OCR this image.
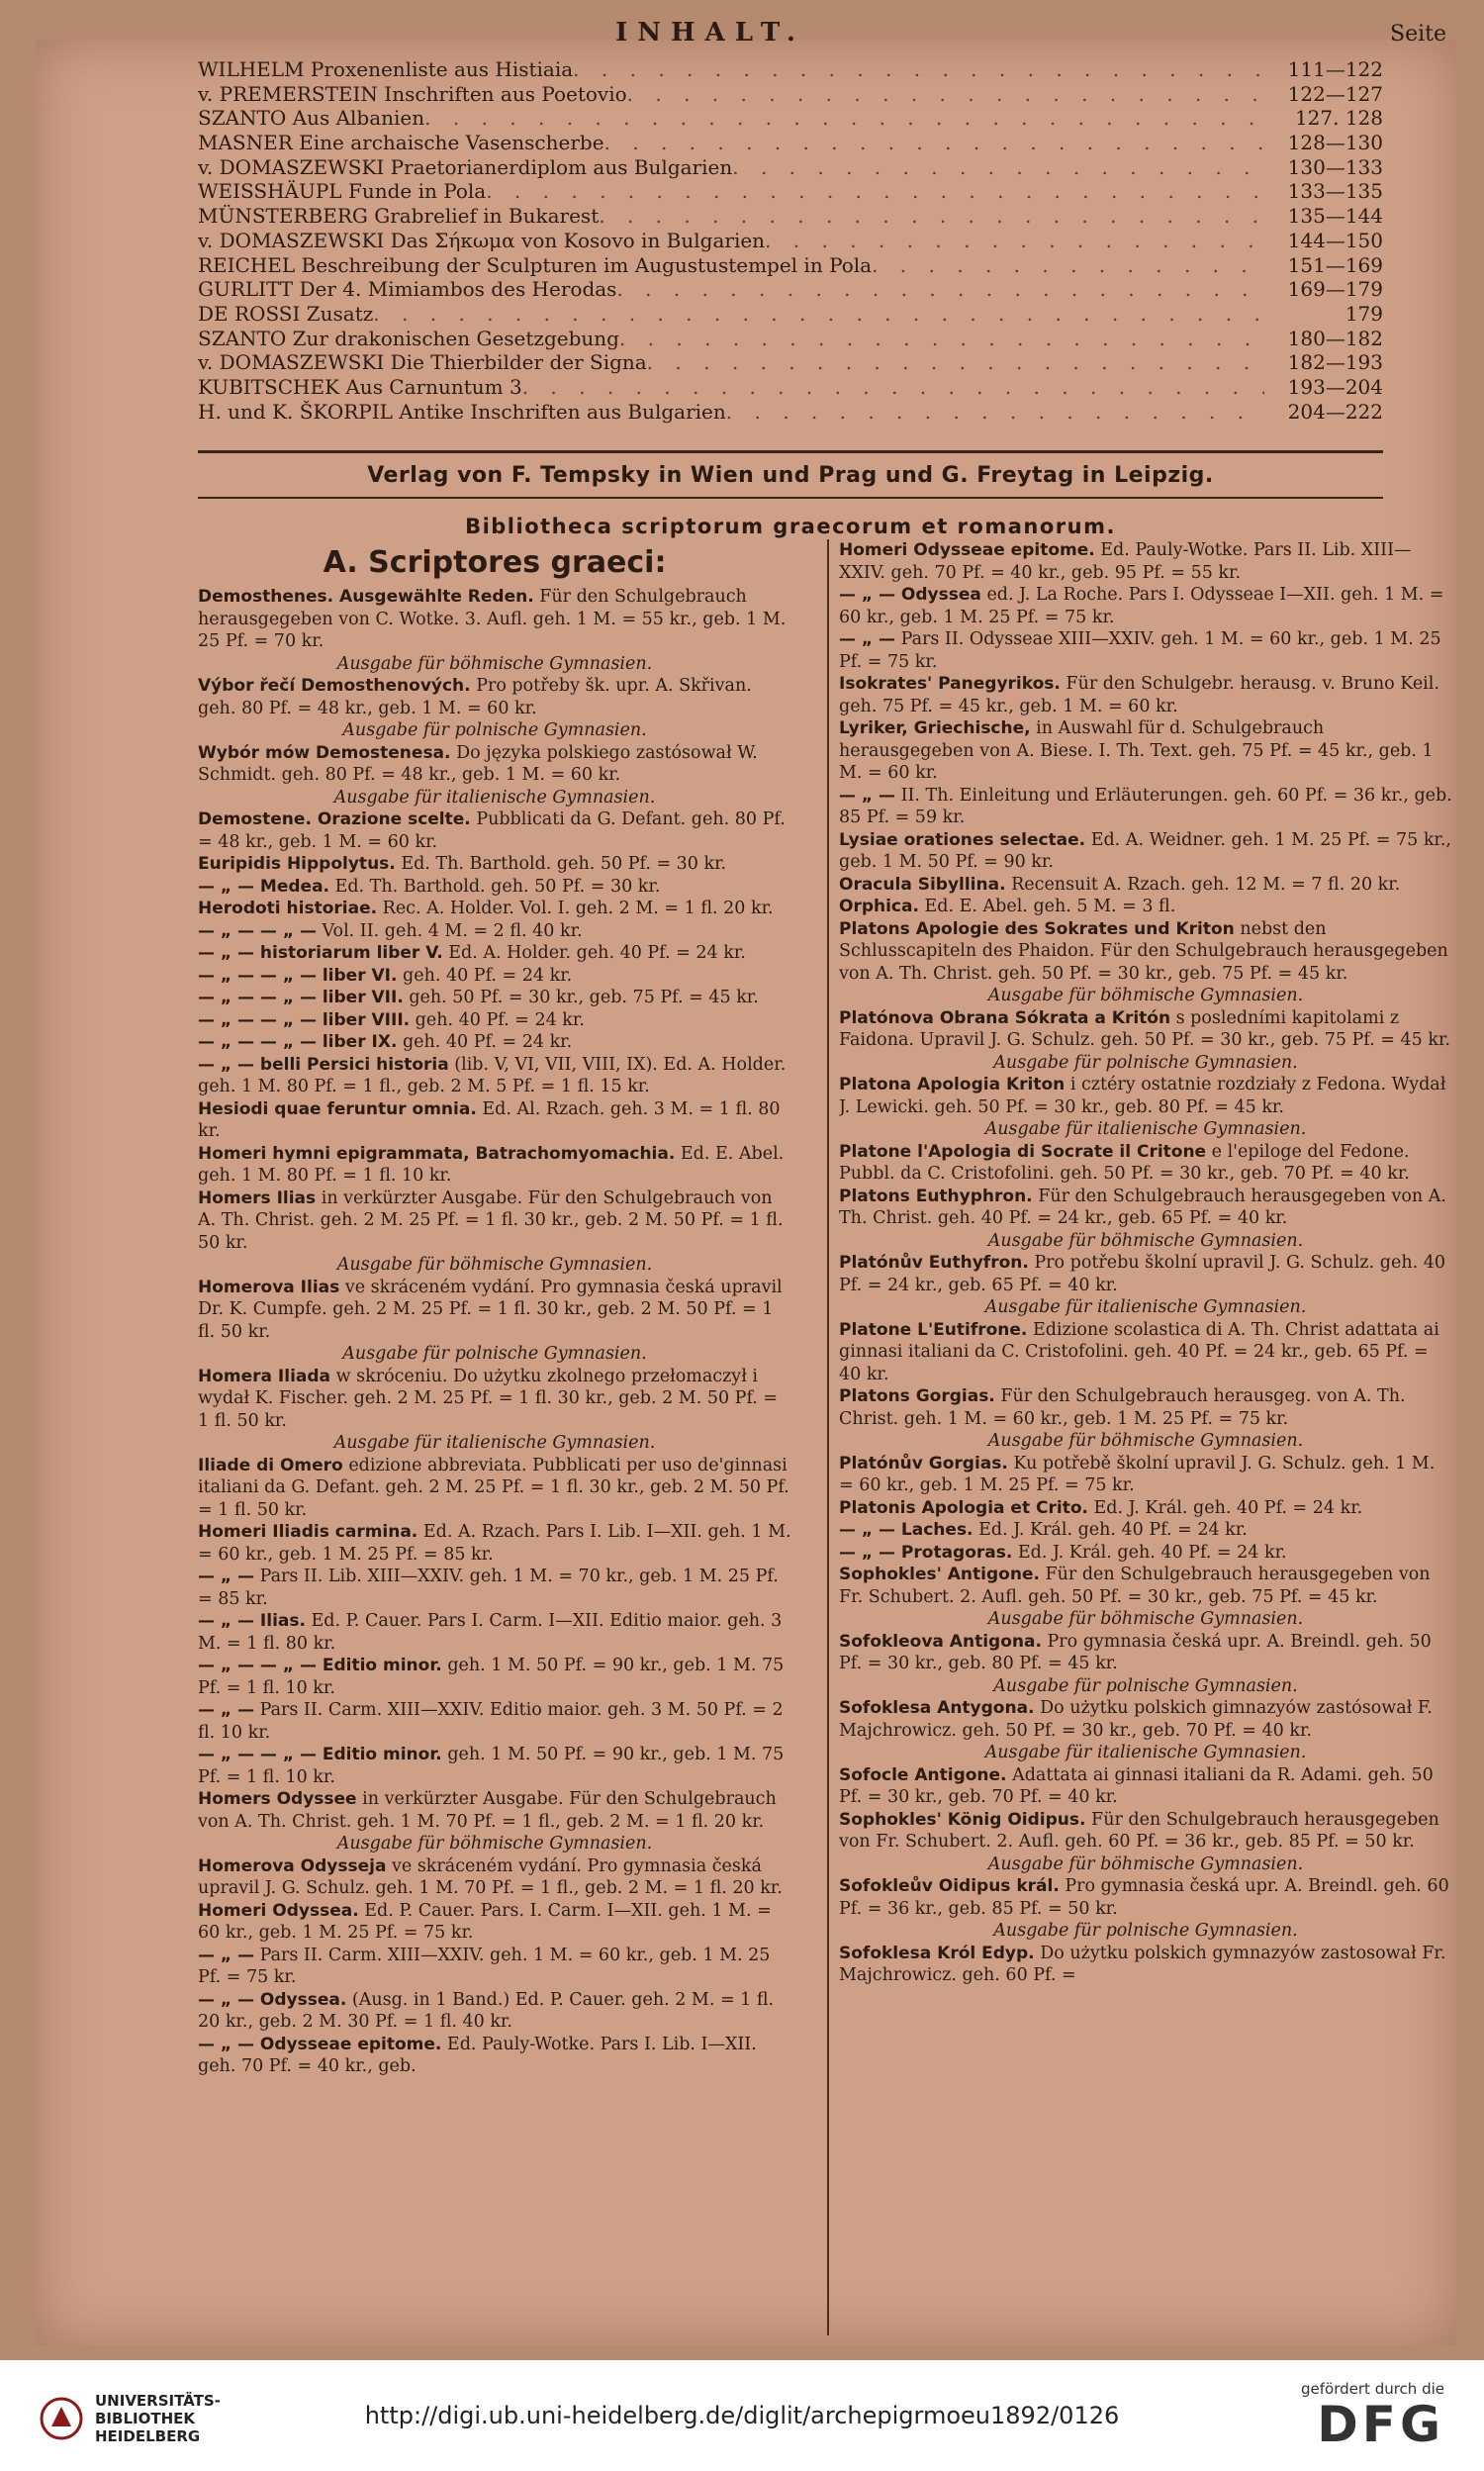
INHALT.	Seite
WILHELM Proxenenliste aus Histiaia . . .	111—122
v. PREMERSTEIN Inschriften aus Poetovio . . .	122—127
SZANTO Aus Albanien . . .	127. 128
MASNER Eine archaische Vasenscherbe . . .	128—130
v. DOMASZEWSKI Praetorianerdiplom aus Bulgarien . . .	130—133
WEISSHÄUPL Funde in Pola . . .	133—135
MÜNSTERBERG Grabrelief in Bukarest . . .	135—144
v. DOMASZEWSKI Das Σήκωμα von Kosovo in Bulgarien . . .	144—150
REICHEL Beschreibung der Sculpturen im Augustustempel in Pola . . .	151—169
GURLITT Der 4. Mimiambos des Herodas . . .	169—179
DE ROSSI Zusatz . . .	179
SZANTO Zur drakonischen Gesetzgebung . . .	180—182
v. DOMASZEWSKI Die Thierbilder der Signa . . .	182—193
KUBITSCHEK Aus Carnuntum 3 . . .	193—204
H. und K. ŠKORPIL Antike Inschriften aus Bulgarien . . .	204—222
Verlag von F. Tempsky in Wien und Prag und G. Freytag in Leipzig.
Bibliotheca scriptorum graecorum et romanorum.
A. Scriptores graeci:

Demosthenes. Ausgewählte Reden. Für den Schulgebrauch herausgegeben von C. Wotke. 3. Aufl. geh. 1 M. = 55 kr., geb. 1 M. 25 Pf. = 70 kr.

Ausgabe für böhmische Gymnasien.

Výbor řečí Demosthenových. Pro potřeby šk. upr. A. Skřivan. geh. 80 Pf. = 48 kr., geb. 1 M. = 60 kr.

Ausgabe für polnische Gymnasien.

Wybór mów Demostenesa. Do języka polskiego zastósował W. Schmidt. geh. 80 Pf. = 48 kr., geb. 1 M. = 60 kr.

Ausgabe für italienische Gymnasien.

Demostene. Orazione scelte. Pubblicati da G. Defant. geh. 80 Pf. = 48 kr., geb. 1 M. = 60 kr.

Euripidis Hippolytus. Ed. Th. Barthold. geh. 50 Pf. = 30 kr.

— „ — Medea. Ed. Th. Barthold. geh. 50 Pf. = 30 kr.

Herodoti historiae. Rec. A. Holder. Vol. I. geh. 2 M. = 1 fl. 20 kr.

— „ — — „ — Vol. II. geh. 4 M. = 2 fl. 40 kr.

— „ — historiarum liber V. Ed. A. Holder. geh. 40 Pf. = 24 kr.

— „ — — „ — liber VI. geh. 40 Pf. = 24 kr.

— „ — — „ — liber VII. geh. 50 Pf. = 30 kr., geb. 75 Pf. = 45 kr.

— „ — — „ — liber VIII. geh. 40 Pf. = 24 kr.

— „ — — „ — liber IX. geh. 40 Pf. = 24 kr.

— „ — belli Persici historia (lib. V, VI, VII, VIII, IX). Ed. A. Holder. geh. 1 M. 80 Pf. = 1 fl., geb. 2 M. 5 Pf. = 1 fl. 15 kr.

Hesiodi quae feruntur omnia. Ed. Al. Rzach. geh. 3 M. = 1 fl. 80 kr.

Homeri hymni epigrammata, Batrachomyomachia. Ed. E. Abel. geh. 1 M. 80 Pf. = 1 fl. 10 kr.

Homers Ilias in verkürzter Ausgabe. Für den Schulgebrauch von A. Th. Christ. geh. 2 M. 25 Pf. = 1 fl. 30 kr., geb. 2 M. 50 Pf. = 1 fl. 50 kr.

Ausgabe für böhmische Gymnasien.

Homerova Ilias ve skráceném vydání. Pro gymnasia česká upravil Dr. K. Cumpfe. geh. 2 M. 25 Pf. = 1 fl. 30 kr., geb. 2 M. 50 Pf. = 1 fl. 50 kr.

Ausgabe für polnische Gymnasien.

Homera Iliada w skróceniu. Do użytku zkolnego przełomaczył i wydał K. Fischer. geh. 2 M. 25 Pf. = 1 fl. 30 kr., geb. 2 M. 50 Pf. = 1 fl. 50 kr.

Ausgabe für italienische Gymnasien.

Iliade di Omero edizione abbreviata. Pubblicati per uso de'ginnasi italiani da G. Defant. geh. 2 M. 25 Pf. = 1 fl. 30 kr., geb. 2 M. 50 Pf. = 1 fl. 50 kr.

Homeri Iliadis carmina. Ed. A. Rzach. Pars I. Lib. I—XII. geh. 1 M. = 60 kr., geb. 1 M. 25 Pf. = 85 kr.

— „ — Pars II. Lib. XIII—XXIV. geh. 1 M. = 70 kr., geb. 1 M. 25 Pf. = 85 kr.

— „ — Ilias. Ed. P. Cauer. Pars I. Carm. I—XII. Editio maior. geh. 3 M. = 1 fl. 80 kr.

— „ — — „ — Editio minor. geh. 1 M. 50 Pf. = 90 kr., geb. 1 M. 75 Pf. = 1 fl. 10 kr.

— „ — Pars II. Carm. XIII—XXIV. Editio maior. geh. 3 M. 50 Pf. = 2 fl. 10 kr.

— „ — — „ — Editio minor. geh. 1 M. 50 Pf. = 90 kr., geb. 1 M. 75 Pf. = 1 fl. 10 kr.

Homers Odyssee in verkürzter Ausgabe. Für den Schulgebrauch von A. Th. Christ. geh. 1 M. 70 Pf. = 1 fl., geb. 2 M. = 1 fl. 20 kr.

Ausgabe für böhmische Gymnasien.

Homerova Odysseja ve skráceném vydání. Pro gymnasia česká upravil J. G. Schulz. geh. 1 M. 70 Pf. = 1 fl., geb. 2 M. = 1 fl. 20 kr.

Homeri Odyssea. Ed. P. Cauer. Pars. I. Carm. I—XII. geh. 1 M. = 60 kr., geb. 1 M. 25 Pf. = 75 kr.

— „ — Pars II. Carm. XIII—XXIV. geh. 1 M. = 60 kr., geb. 1 M. 25 Pf. = 75 kr.

— „ — Odyssea. (Ausg. in 1 Band.) Ed. P. Cauer. geh. 2 M. = 1 fl. 20 kr., geb. 2 M. 30 Pf. = 1 fl. 40 kr.

— „ — Odysseae epitome. Ed. Pauly-Wotke. Pars I. Lib. I—XII. geh. 70 Pf. = 40 kr., geb.

Homeri Odysseae epitome. Ed. Pauly-Wotke. Pars II. Lib. XIII—XXIV. geh. 70 Pf. = 40 kr., geb. 95 Pf. = 55 kr.

— „ — Odyssea ed. J. La Roche. Pars I. Odysseae I—XII. geh. 1 M. = 60 kr., geb. 1 M. 25 Pf. = 75 kr.

— „ — Pars II. Odysseae XIII—XXIV. geh. 1 M. = 60 kr., geb. 1 M. 25 Pf. = 75 kr.

Isokrates' Panegyrikos. Für den Schulgebr. herausg. v. Bruno Keil. geh. 75 Pf. = 45 kr., geb. 1 M. = 60 kr.

Lyriker, Griechische, in Auswahl für d. Schulgebrauch herausgegeben von A. Biese. I. Th. Text. geh. 75 Pf. = 45 kr., geb. 1 M. = 60 kr.

— „ — II. Th. Einleitung und Erläuterungen. geh. 60 Pf. = 36 kr., geb. 85 Pf. = 59 kr.

Lysiae orationes selectae. Ed. A. Weidner. geh. 1 M. 25 Pf. = 75 kr., geb. 1 M. 50 Pf. = 90 kr.

Oracula Sibyllina. Recensuit A. Rzach. geh. 12 M. = 7 fl. 20 kr.

Orphica. Ed. E. Abel. geh. 5 M. = 3 fl.

Platons Apologie des Sokrates und Kriton nebst den Schlusscapiteln des Phaidon. Für den Schulgebrauch herausgegeben von A. Th. Christ. geh. 50 Pf. = 30 kr., geb. 75 Pf. = 45 kr.

Ausgabe für böhmische Gymnasien.

Platónova Obrana Sókrata a Kritón s posledními kapitolami z Faidona. Upravil J. G. Schulz. geh. 50 Pf. = 30 kr., geb. 75 Pf. = 45 kr.

Ausgabe für polnische Gymnasien.

Platona Apologia Kriton i cztéry ostatnie rozdziały z Fedona. Wydał J. Lewicki. geh. 50 Pf. = 30 kr., geb. 80 Pf. = 45 kr.

Ausgabe für italienische Gymnasien.

Platone l'Apologia di Socrate il Critone e l'epiloge del Fedone. Pubbl. da C. Cristofolini. geh. 50 Pf. = 30 kr., geb. 70 Pf. = 40 kr.

Platons Euthyphron. Für den Schulgebrauch herausgegeben von A. Th. Christ. geh. 40 Pf. = 24 kr., geb. 65 Pf. = 40 kr.

Ausgabe für böhmische Gymnasien.

Platónův Euthyfron. Pro potřebu školní upravil J. G. Schulz. geh. 40 Pf. = 24 kr., geb. 65 Pf. = 40 kr.

Ausgabe für italienische Gymnasien.

Platone L'Eutifrone. Edizione scolastica di A. Th. Christ adattata ai ginnasi italiani da C. Cristofolini. geh. 40 Pf. = 24 kr., geb. 65 Pf. = 40 kr.

Platons Gorgias. Für den Schulgebrauch herausgeg. von A. Th. Christ. geh. 1 M. = 60 kr., geb. 1 M. 25 Pf. = 75 kr.

Ausgabe für böhmische Gymnasien.

Platónův Gorgias. Ku potřebě školní upravil J. G. Schulz. geh. 1 M. = 60 kr., geb. 1 M. 25 Pf. = 75 kr.

Platonis Apologia et Crito. Ed. J. Král. geh. 40 Pf. = 24 kr.

— „ — Laches. Ed. J. Král. geh. 40 Pf. = 24 kr.

— „ — Protagoras. Ed. J. Král. geh. 40 Pf. = 24 kr.

Sophokles' Antigone. Für den Schulgebrauch herausgegeben von Fr. Schubert. 2. Aufl. geh. 50 Pf. = 30 kr., geb. 75 Pf. = 45 kr.

Ausgabe für böhmische Gymnasien.

Sofokleova Antigona. Pro gymnasia česká upr. A. Breindl. geh. 50 Pf. = 30 kr., geb. 80 Pf. = 45 kr.

Ausgabe für polnische Gymnasien.

Sofoklesa Antygona. Do użytku polskich gimnazyów zastósował F. Majchrowicz. geh. 50 Pf. = 30 kr., geb. 70 Pf. = 40 kr.

Ausgabe für italienische Gymnasien.

Sofocle Antigone. Adattata ai ginnasi italiani da R. Adami. geh. 50 Pf. = 30 kr., geb. 70 Pf. = 40 kr.

Sophokles' König Oidipus. Für den Schulgebrauch herausgegeben von Fr. Schubert. 2. Aufl. geh. 60 Pf. = 36 kr., geb. 85 Pf. = 50 kr.

Ausgabe für böhmische Gymnasien.

Sofokleův Oidipus král. Pro gymnasia česká upr. A. Breindl. geh. 60 Pf. = 36 kr., geb. 85 Pf. = 50 kr.

Ausgabe für polnische Gymnasien.

Sofoklesa Król Edyp. Do użytku polskich gymnazyów zastosował Fr. Majchrowicz. geh. 60 Pf. =

UNIVERSITÄTS-
BIBLIOTHEK
HEIDELBERG
http://digi.ub.uni-heidelberg.de/diglit/archepigrmoeu1892/0126
gefördert durch die
DFG
